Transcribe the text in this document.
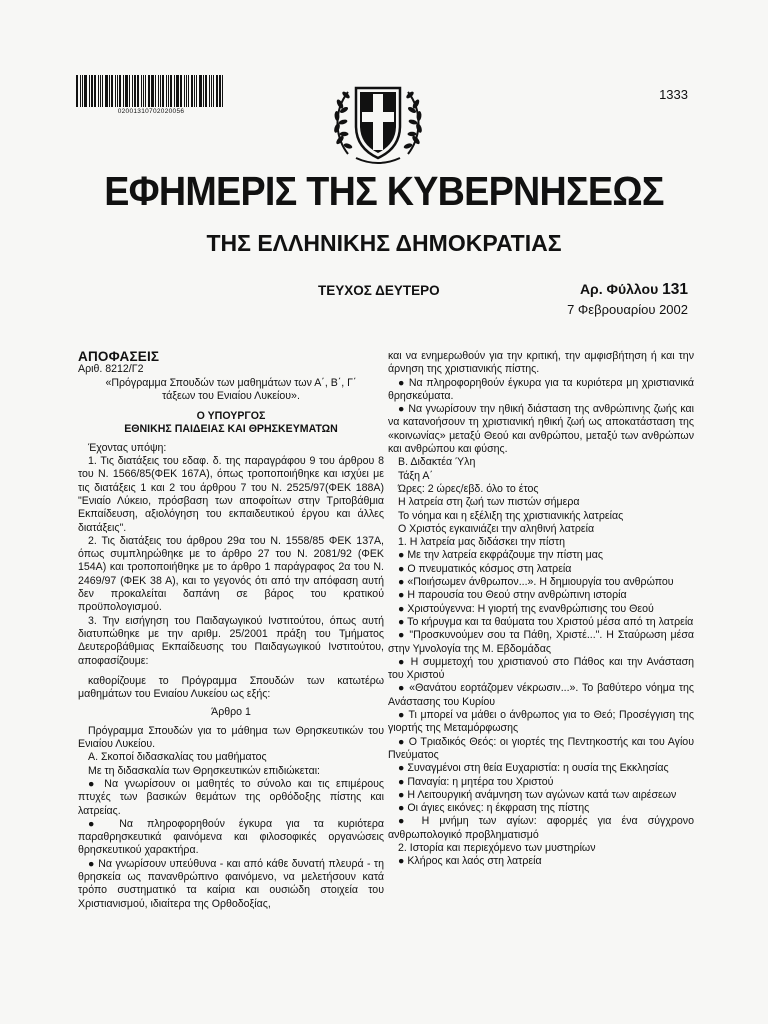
02001310702020056
1333
ΕΦΗΜΕΡΙΣ ΤΗΣ ΚΥΒΕΡΝΗΣΕΩΣ
ΤΗΣ ΕΛΛΗΝΙΚΗΣ ΔΗΜΟΚΡΑΤΙΑΣ
ΤΕΥΧΟΣ ΔΕΥΤΕΡΟ	Αρ. Φύλλου 131
7 Φεβρουαρίου 2002

ΑΠΟΦΑΣΕΙΣ

Αριθ. 8212/Γ2

«Πρόγραμμα Σπουδών των μαθημάτων των Α΄, Β΄, Γ΄ τάξεων του Ενιαίου Λυκείου».

Ο ΥΠΟΥΡΓΟΣ

ΕΘΝΙΚΗΣ ΠΑΙΔΕΙΑΣ ΚΑΙ ΘΡΗΣΚΕΥΜΑΤΩΝ

Έχοντας υπόψη:

1. Τις διατάξεις του εδαφ. δ. της παραγράφου 9 του άρθρου 8 του Ν. 1566/85(ΦΕΚ 167Α), όπως τροποποιήθηκε και ισχύει με τις διατάξεις 1 και 2 του άρθρου 7 του Ν. 2525/97(ΦΕΚ 188Α) "Ενιαίο Λύκειο, πρόσβαση των αποφοίτων στην Τριτοβάθμια Εκπαίδευση, αξιολόγηση του εκπαιδευτικού έργου και άλλες διατάξεις".

2. Τις διατάξεις του άρθρου 29α του Ν. 1558/85 ΦΕΚ 137Α, όπως συμπληρώθηκε με το άρθρο 27 του Ν. 2081/92 (ΦΕΚ 154Α) και τροποποιήθηκε με το άρθρο 1 παράγραφος 2α του Ν. 2469/97 (ΦΕΚ 38 Α), και το γεγονός ότι από την απόφαση αυτή δεν προκαλείται δαπάνη σε βάρος του κρατικού προϋπολογισμού.

3. Την εισήγηση του Παιδαγωγικού Ινστιτούτου, όπως αυτή διατυπώθηκε με την αριθμ. 25/2001 πράξη του Τμήματος Δευτεροβάθμιας Εκπαίδευσης του Παιδαγωγικού Ινστιτούτου, αποφασίζουμε:

καθορίζουμε το Πρόγραμμα Σπουδών των κατωτέρω μαθημάτων του Ενιαίου Λυκείου ως εξής:

Άρθρο 1

Πρόγραμμα Σπουδών για το μάθημα των Θρησκευτικών του Ενιαίου Λυκείου.

Α. Σκοποί διδασκαλίας του μαθήματος

Με τη διδασκαλία των Θρησκευτικών επιδιώκεται:

● Να γνωρίσουν οι μαθητές το σύνολο και τις επιμέρους πτυχές των βασικών θεμάτων της ορθόδοξης πίστης και λατρείας.

● Να πληροφορηθούν έγκυρα για τα κυριότερα παραθρησκευτικά φαινόμενα και φιλοσοφικές οργανώσεις θρησκευτικού χαρακτήρα.

● Να γνωρίσουν υπεύθυνα - και από κάθε δυνατή πλευρά - τη θρησκεία ως πανανθρώπινο φαινόμενο, να μελετήσουν κατά τρόπο συστηματικό τα καίρια και ουσιώδη στοιχεία του Χριστιανισμού, ιδιαίτερα της Ορθοδοξίας,

και να ενημερωθούν για την κριτική, την αμφισβήτηση ή και την άρνηση της χριστιανικής πίστης.

● Να πληροφορηθούν έγκυρα για τα κυριότερα μη χριστιανικά θρησκεύματα.

● Να γνωρίσουν την ηθική διάσταση της ανθρώπινης ζωής και να κατανοήσουν τη χριστιανική ηθική ζωή ως αποκατάσταση της «κοινωνίας» μεταξύ Θεού και ανθρώπου, μεταξύ των ανθρώπων και ανθρώπου και φύσης.

Β. Διδακτέα Ύλη

Τάξη Α΄

Ώρες: 2 ώρες/εβδ. όλο το έτος

Η λατρεία στη ζωή των πιστών σήμερα

Το νόημα και η εξέλιξη της χριστιανικής λατρείας

Ο Χριστός εγκαινιάζει την αληθινή λατρεία

1. Η λατρεία μας διδάσκει την πίστη

● Με την λατρεία εκφράζουμε την πίστη μας

● Ο πνευματικός κόσμος στη λατρεία

● «Ποιήσωμεν άνθρωπον...». Η δημιουργία του ανθρώπου

● Η παρουσία του Θεού στην ανθρώπινη ιστορία

● Χριστούγεννα: Η γιορτή της ενανθρώπισης του Θεού

● Το κήρυγμα και τα θαύματα του Χριστού μέσα από τη λατρεία

● "Προσκυνούμεν σου τα Πάθη, Χριστέ...". Η Σταύρωση μέσα στην Υμνολογία της Μ. Εβδομάδας

● Η συμμετοχή του χριστιανού στο Πάθος και την Ανάσταση του Χριστού

● «Θανάτου εορτάζομεν νέκρωσιν...». Το βαθύτερο νόημα της Ανάστασης του Κυρίου

● Τι μπορεί να μάθει ο άνθρωπος για το Θεό; Προσέγγιση της γιορτής της Μεταμόρφωσης

● Ο Τριαδικός Θεός: οι γιορτές της Πεντηκοστής και του Αγίου Πνεύματος

● Συναγμένοι στη θεία Ευχαριστία: η ουσία της Εκκλησίας

● Παναγία: η μητέρα του Χριστού

● Η Λειτουργική ανάμνηση των αγώνων κατά των αιρέσεων

● Οι άγιες εικόνες: η έκφραση της πίστης

● Η μνήμη των αγίων: αφορμές για ένα σύγχρονο ανθρωπολογικό προβληματισμό

2. Ιστορία και περιεχόμενο των μυστηρίων

● Κλήρος και λαός στη λατρεία
